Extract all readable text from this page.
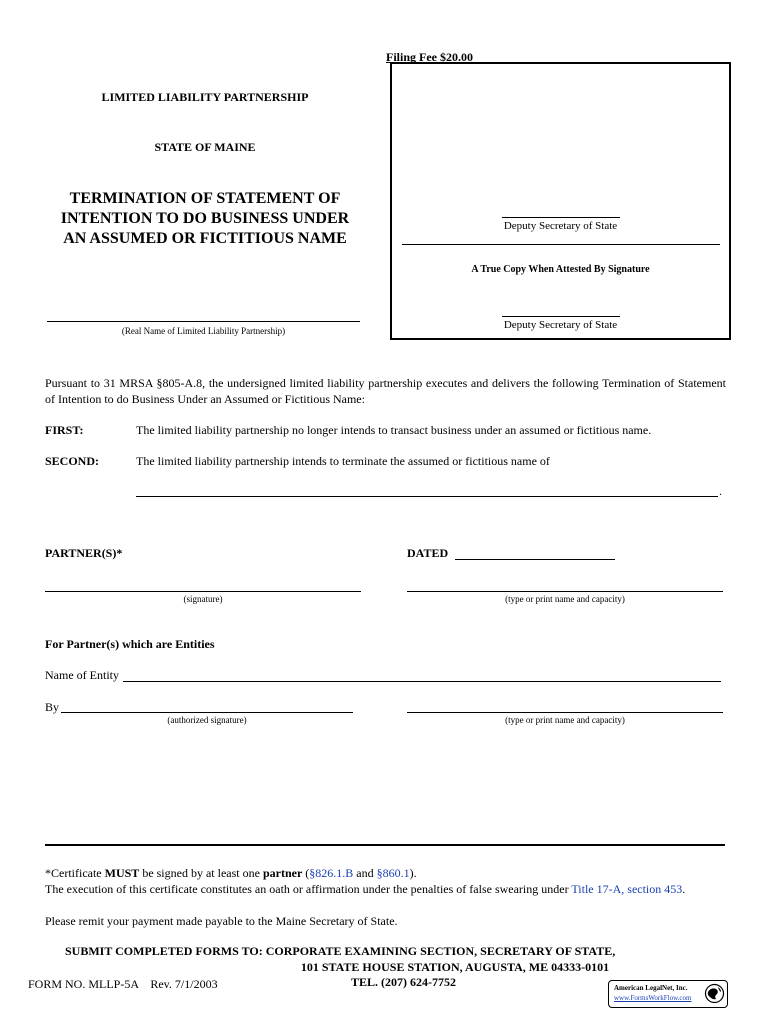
Filing Fee $20.00
LIMITED LIABILITY PARTNERSHIP
STATE OF MAINE
TERMINATION OF STATEMENT OF
INTENTION TO DO BUSINESS UNDER
AN ASSUMED OR FICTITIOUS NAME
(Real Name of Limited Liability Partnership)
Deputy Secretary of State
A True Copy When Attested By Signature
Deputy Secretary of State
Pursuant to 31 MRSA §805-A.8, the undersigned limited liability partnership executes and delivers the following Termination of Statement of Intention to do Business Under an Assumed or Fictitious Name:
FIRST:	The limited liability partnership no longer intends to transact business under an assumed or fictitious name.
SECOND:	The limited liability partnership intends to terminate the assumed or fictitious name of
.
PARTNER(S)*	DATED
(signature)	(type or print name and capacity)
For Partner(s) which are Entities
Name of Entity
By
(authorized signature)	(type or print name and capacity)
*Certificate MUST be signed by at least one partner (§826.1.B and §860.1).
The execution of this certificate constitutes an oath or affirmation under the penalties of false swearing under Title 17-A, section 453.
Please remit your payment made payable to the Maine Secretary of State.
SUBMIT COMPLETED FORMS TO: CORPORATE EXAMINING SECTION, SECRETARY OF STATE,
101 STATE HOUSE STATION, AUGUSTA, ME 04333-0101
TEL. (207) 624-7752
FORM NO. MLLP-5A    Rev. 7/1/2003	American LegalNet, Inc.
www.FormsWorkFlow.com
